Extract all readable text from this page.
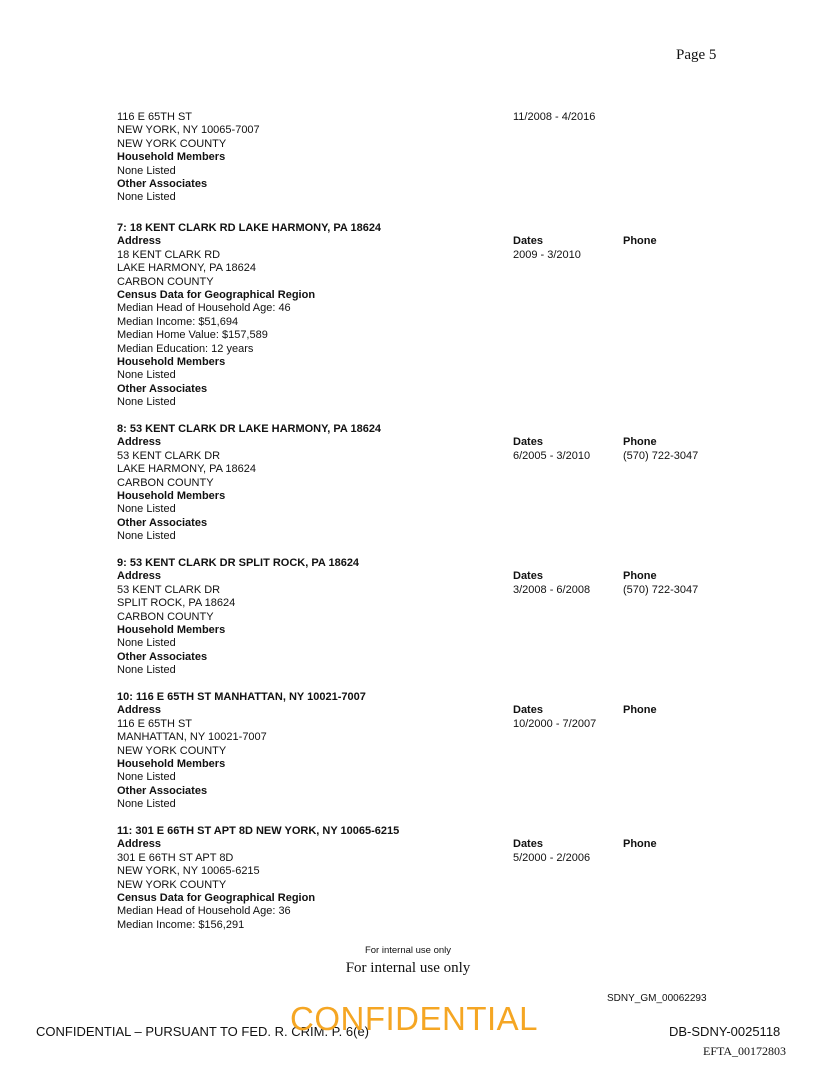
Page 5
116 E 65TH ST
NEW YORK, NY 10065-7007
NEW YORK COUNTY
Household Members
None Listed
Other Associates
None Listed
11/2008 - 4/2016
7: 18 KENT CLARK RD LAKE HARMONY, PA 18624
Address
18 KENT CLARK RD
LAKE HARMONY, PA 18624
CARBON COUNTY
Census Data for Geographical Region
Median Head of Household Age: 46
Median Income: $51,694
Median Home Value: $157,589
Median Education: 12 years
Household Members
None Listed
Other Associates
None Listed
Dates
2009 - 3/2010
Phone
8: 53 KENT CLARK DR LAKE HARMONY, PA 18624
Address
53 KENT CLARK DR
LAKE HARMONY, PA 18624
CARBON COUNTY
Household Members
None Listed
Other Associates
None Listed
Dates
6/2005 - 3/2010
Phone
(570) 722-3047
9: 53 KENT CLARK DR SPLIT ROCK, PA 18624
Address
53 KENT CLARK DR
SPLIT ROCK, PA 18624
CARBON COUNTY
Household Members
None Listed
Other Associates
None Listed
Dates
3/2008 - 6/2008
Phone
(570) 722-3047
10: 116 E 65TH ST MANHATTAN, NY 10021-7007
Address
116 E 65TH ST
MANHATTAN, NY 10021-7007
NEW YORK COUNTY
Household Members
None Listed
Other Associates
None Listed
Dates
10/2000 - 7/2007
Phone
11: 301 E 66TH ST APT 8D NEW YORK, NY 10065-6215
Address
301 E 66TH ST APT 8D
NEW YORK, NY 10065-6215
NEW YORK COUNTY
Census Data for Geographical Region
Median Head of Household Age: 36
Median Income: $156,291
Dates
5/2000 - 2/2006
Phone
For internal use only
For internal use only
SDNY_GM_00062293
CONFIDENTIAL – PURSUANT TO FED. R. CRIM. P. 6(e)
CONFIDENTIAL	DB-SDNY-0025118
EFTA_00172803
